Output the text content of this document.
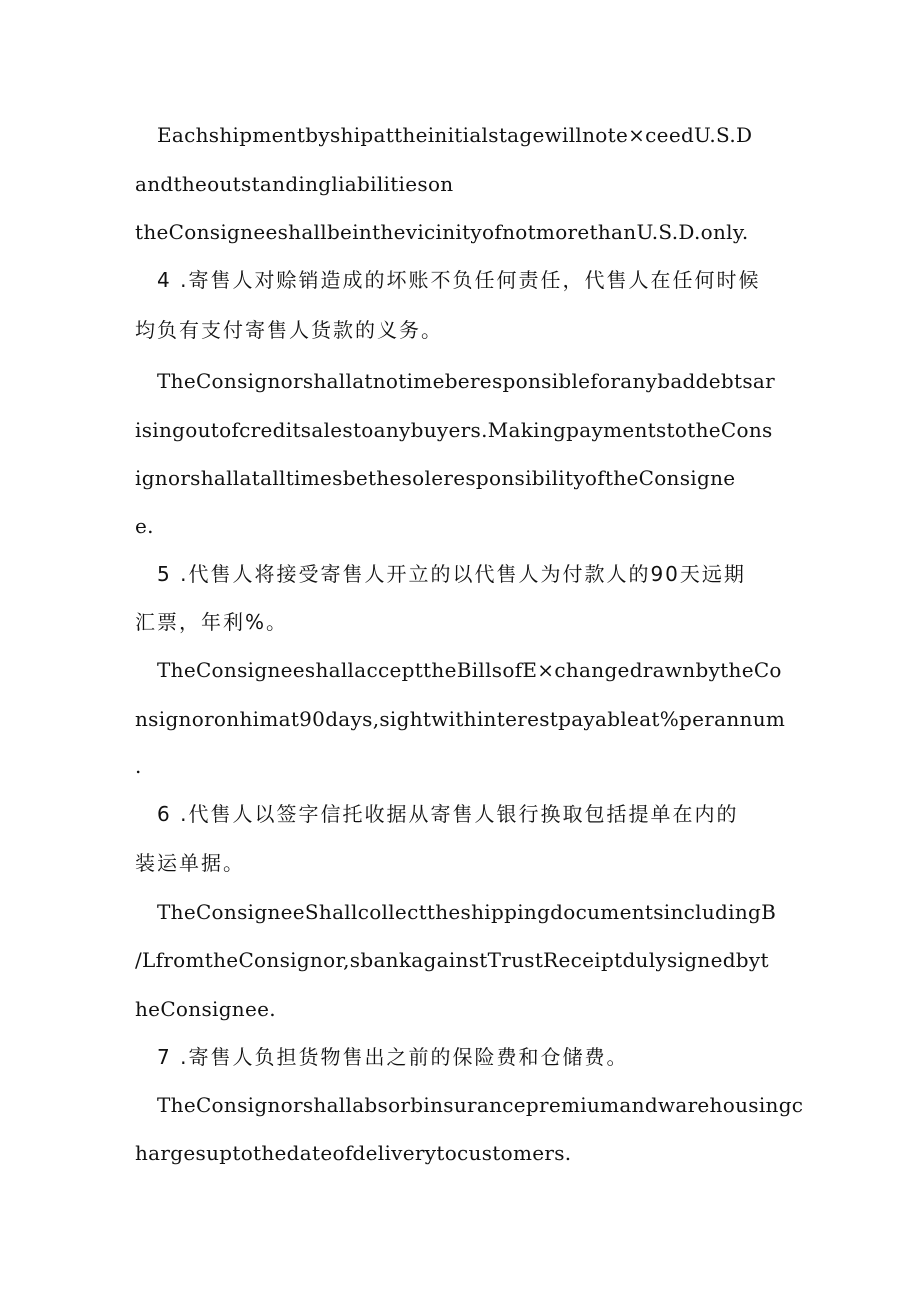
Eachshipmentbyshipattheinitialstagewillnote×ceedU.S.D
andtheoutstandingliabilitieson
theConsigneeshallbeinthevicinityofnotmorethanU.S.D.only.
4 .寄售人对赊销造成的坏账不负任何责任，代售人在任何时候
均负有支付寄售人货款的义务。
TheConsignorshallatnotimeberesponsibleforanybaddebtsar
isingoutofcreditsalestoanybuyers.MakingpaymentstotheCons
ignorshallatalltimesbethesoleresponsibilityoftheConsigne
e.
5 .代售人将接受寄售人开立的以代售人为付款人的90天远期
汇票，年利%。
TheConsigneeshallaccepttheBillsofE×changedrawnbytheCo
nsignoronhimat90days,sightwithinterestpayableat%perannum
.
6 .代售人以签字信托收据从寄售人银行换取包括提单在内的
装运单据。
TheConsigneeShallcollecttheshippingdocumentsincludingB
/LfromtheConsignor,sbankagainstTrustReceiptdulysignedbyt
heConsignee.
7 .寄售人负担货物售出之前的保险费和仓储费。
TheConsignorshallabsorbinsurancepremiumandwarehousingc
hargesuptothedateofdeliverytocustomers.
